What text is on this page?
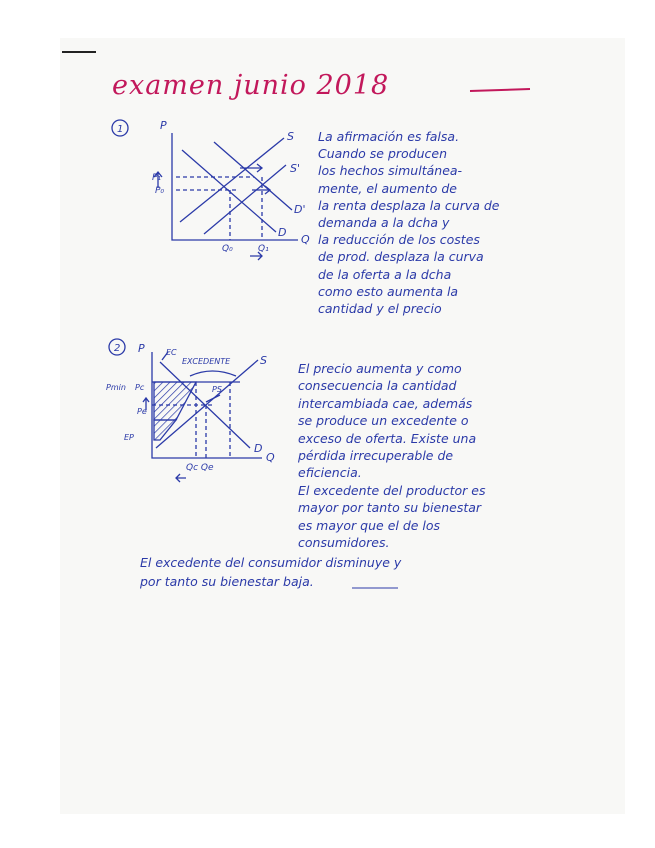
examen junio 2018
1	P
Q
S
S'
D
D'
P₁
P₀
Q₀	Q₁
La afirmación es falsa.
Cuando se producen
los hechos simultánea-
mente, el aumento de
la renta desplaza la curva de
demanda a la dcha y
la reducción de los costes
de prod. desplaza la curva
de la oferta a la dcha
como esto aumenta la
cantidad y el precio
2 P
Q
S
D
EC
EXCEDENTE
PS
Pmin Pc
Pe
EP
Qc Qe
El precio aumenta y como
consecuencia la cantidad
intercambiada cae, además
se produce un excedente o
exceso de oferta. Existe una
pérdida irrecuperable de
eficiencia.
El excedente del productor es
mayor por tanto su bienestar
es mayor que el de los
consumidores.
El excedente del consumidor disminuye y
por tanto su bienestar baja.
